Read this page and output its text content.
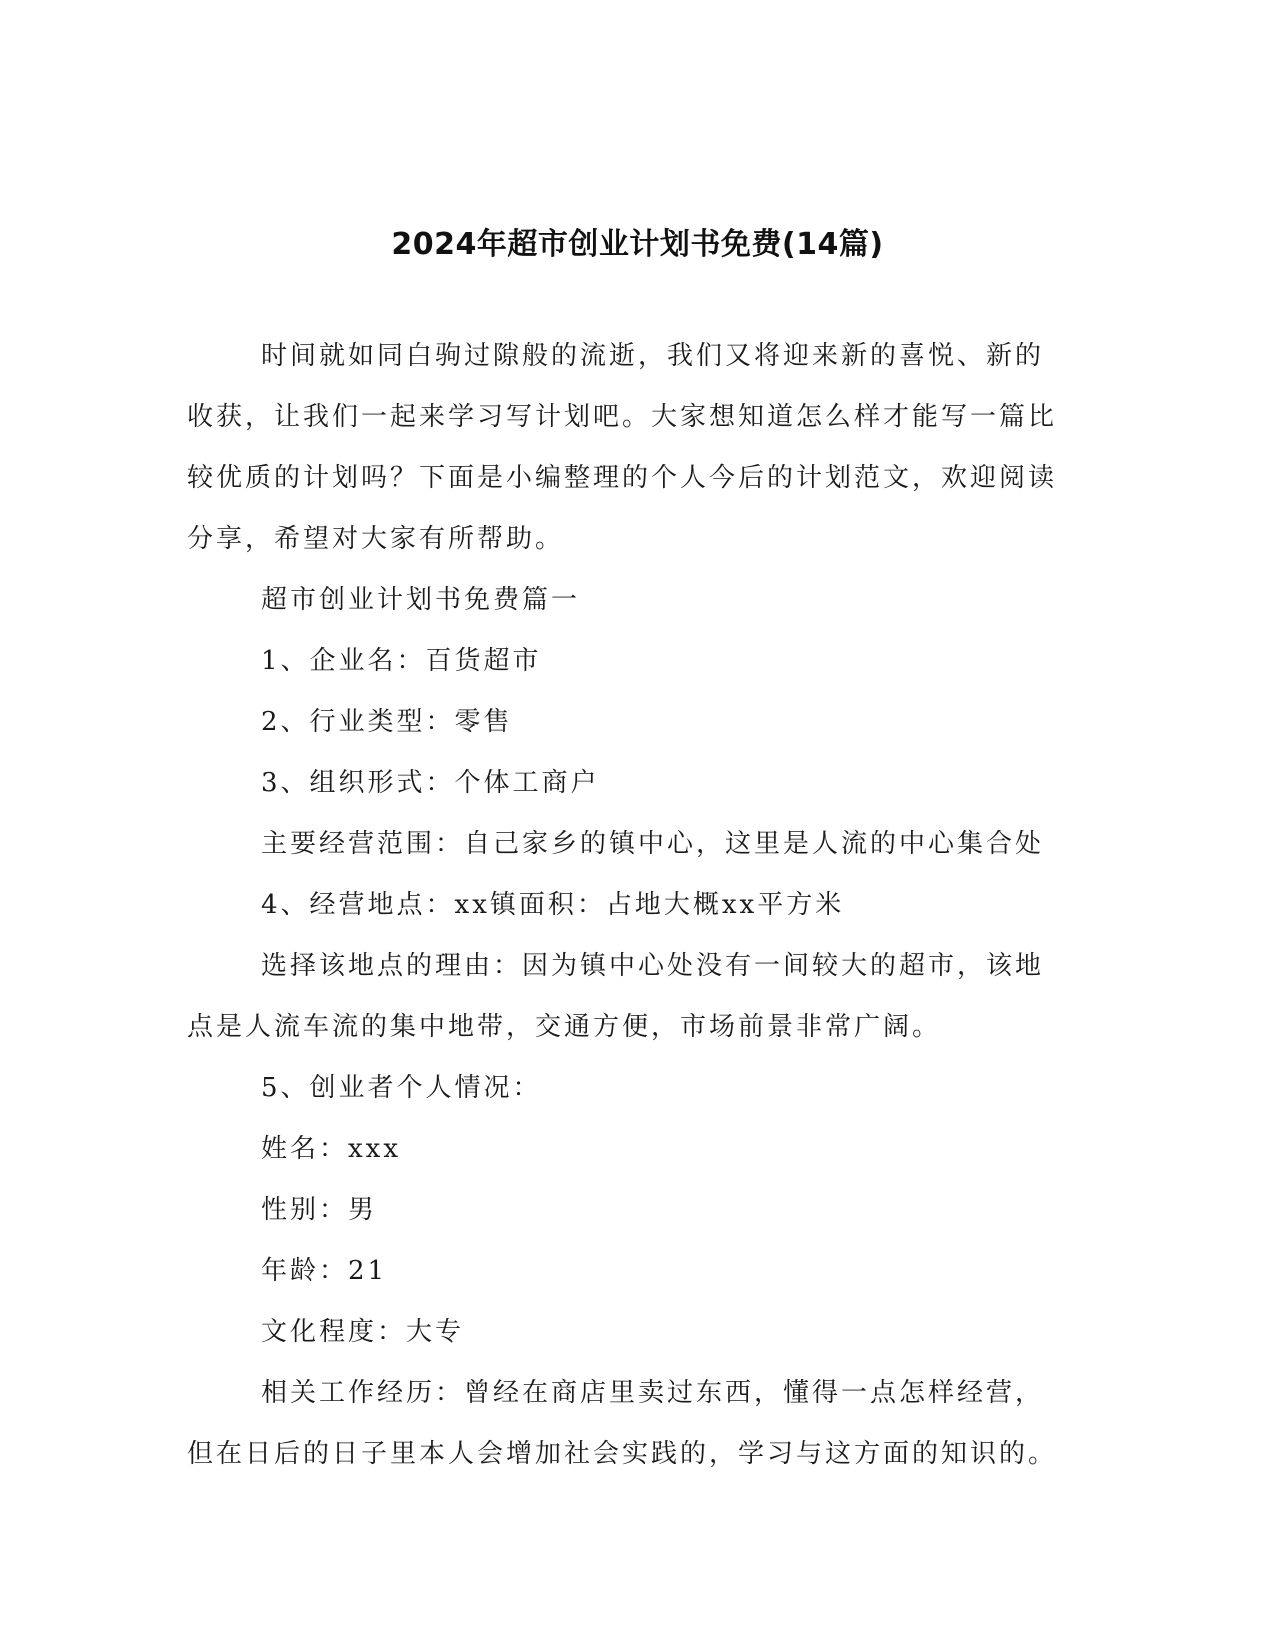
2024年超市创业计划书免费(14篇)

时间就如同白驹过隙般的流逝，我们又将迎来新的喜悦、新的收获，让我们一起来学习写计划吧。大家想知道怎么样才能写一篇比较优质的计划吗？下面是小编整理的个人今后的计划范文，欢迎阅读分享，希望对大家有所帮助。

超市创业计划书免费篇一

1、企业名：百货超市

2、行业类型：零售

3、组织形式：个体工商户

主要经营范围：自己家乡的镇中心，这里是人流的中心集合处

4、经营地点：xx镇面积：占地大概xx平方米

选择该地点的理由：因为镇中心处没有一间较大的超市，该地点是人流车流的集中地带，交通方便，市场前景非常广阔。

5、创业者个人情况：

姓名：xxx

性别：男

年龄：21

文化程度：大专

相关工作经历：曾经在商店里卖过东西，懂得一点怎样经营，但在日后的日子里本人会增加社会实践的，学习与这方面的知识的。
